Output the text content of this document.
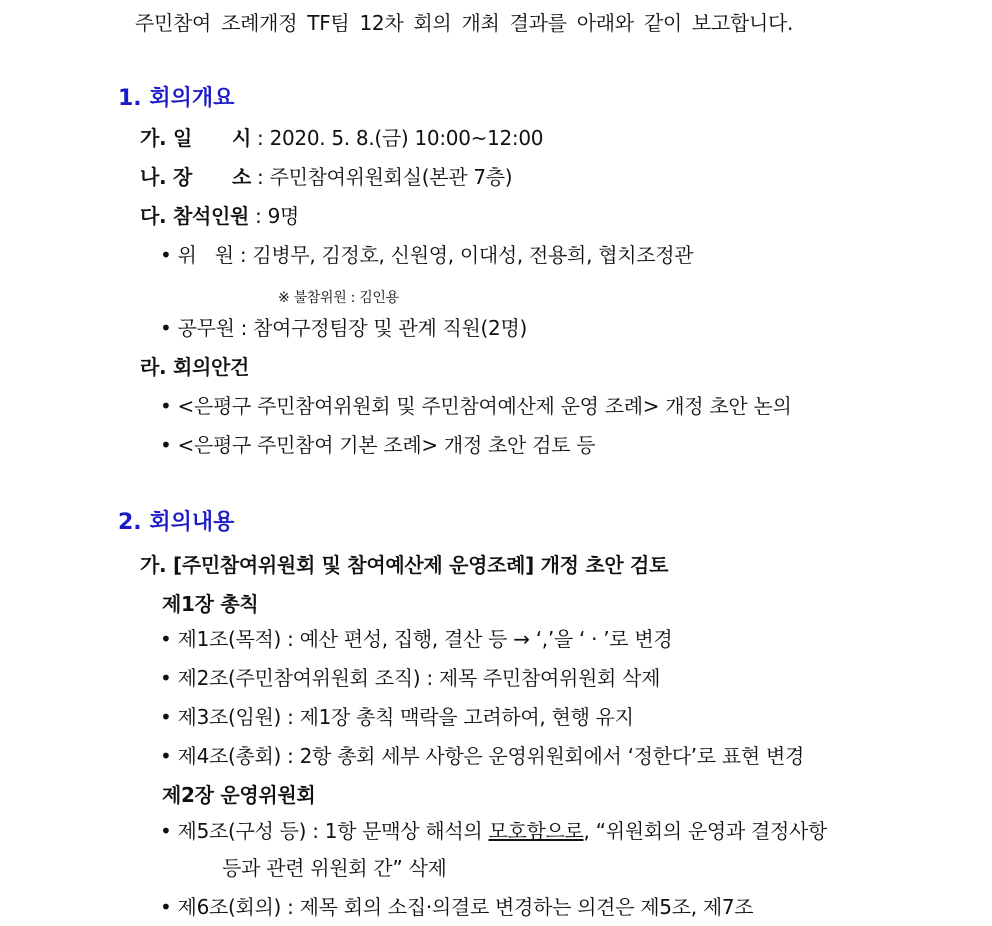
주민참여 조례개정 TF팀 12차 회의 개최 결과를 아래와 같이 보고합니다.
1. 회의개요
가. 일      시 : 2020. 5. 8.(금) 10:00~12:00
나. 장      소 : 주민참여위원회실(본관 7층)
다. 참석인원 : 9명
• 위   원 : 김병무, 김정호, 신원영, 이대성, 전용희, 협치조정관
※ 불참위원 : 김인용
• 공무원 : 참여구정팀장 및 관계 직원(2명)
라. 회의안건
• <은평구 주민참여위원회 및 주민참여예산제 운영 조례> 개정 초안 논의
• <은평구 주민참여 기본 조례> 개정 초안 검토 등
2. 회의내용
가. [주민참여위원회 및 참여예산제 운영조례] 개정 초안 검토
제1장 총칙
• 제1조(목적) : 예산 편성, 집행, 결산 등 → ‘,’을 ‘ · ’로 변경
• 제2조(주민참여위원회 조직) : 제목 주민참여위원회 삭제
• 제3조(임원) : 제1장 총칙 맥락을 고려하여, 현행 유지
• 제4조(총회) : 2항 총회 세부 사항은 운영위원회에서 ‘정한다’로 표현 변경
제2장 운영위원회
• 제5조(구성 등) : 1항 문맥상 해석의 모호함으로, “위원회의 운영과 결정사항
등과 관련 위원회 간” 삭제
• 제6조(회의) : 제목 회의 소집·의결로 변경하는 의견은 제5조, 제7조
